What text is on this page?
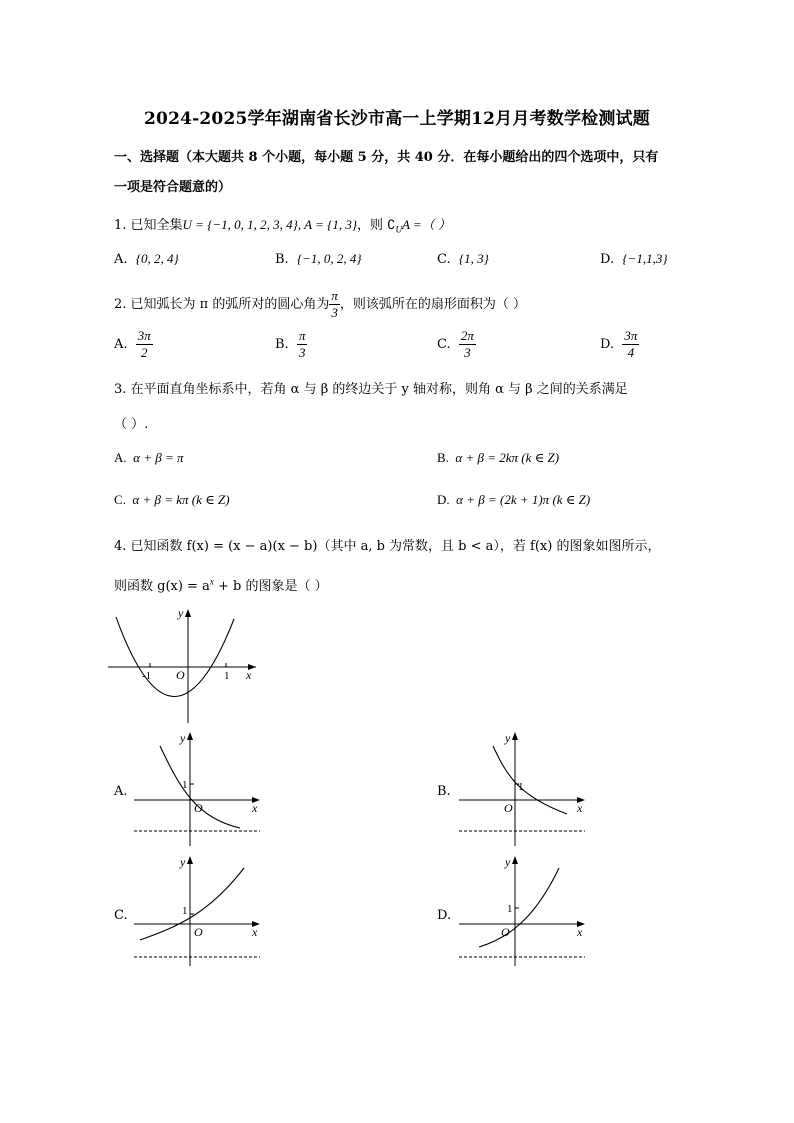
2024-2025学年湖南省长沙市高一上学期12月月考数学检测试题
一、选择题（本大题共 8 个小题，每小题 5 分，共 40 分．在每小题给出的四个选项中，只有
一项是符合题意的）
1. 已知全集U = {−1, 0, 1, 2, 3, 4}, A = {1, 3}，则 $∁_UA$ =（ ）
A. {0, 2, 4}	B. {−1, 0, 2, 4}	C. {1, 3}	D. {−1,1,3}
2. 已知弧长为 π 的弧所对的圆心角为 $\frac{\pi}{3}$ ，则该弧所在的扇形面积为（ ）
A. $\frac{3\pi}{2}$	B. $\frac{\pi}{3}$	C. $\frac{2\pi}{3}$	D. $\frac{3\pi}{4}$
3. 在平面直角坐标系中，若角 α 与 β 的终边关于 y 轴对称，则角 α 与 β 之间的关系满足
（ ）.
A. α + β = π	B. α + β = 2kπ (k ∈ Z)
C. α + β = kπ (k ∈ Z)	D. α + β = (2k + 1)π (k ∈ Z)
4. 已知函数 f(x) = (x − a)(x − b)（其中 a, b 为常数，且 b < a），若 f(x) 的图象如图所示，
则函数 $g(x) = a^x + b$ 的图象是（ ）
y
x
O
-1	1
A.
y
x
O
1	B.
y
x
O
1
C.
y
x
O
1	D.
y
x
O
1
